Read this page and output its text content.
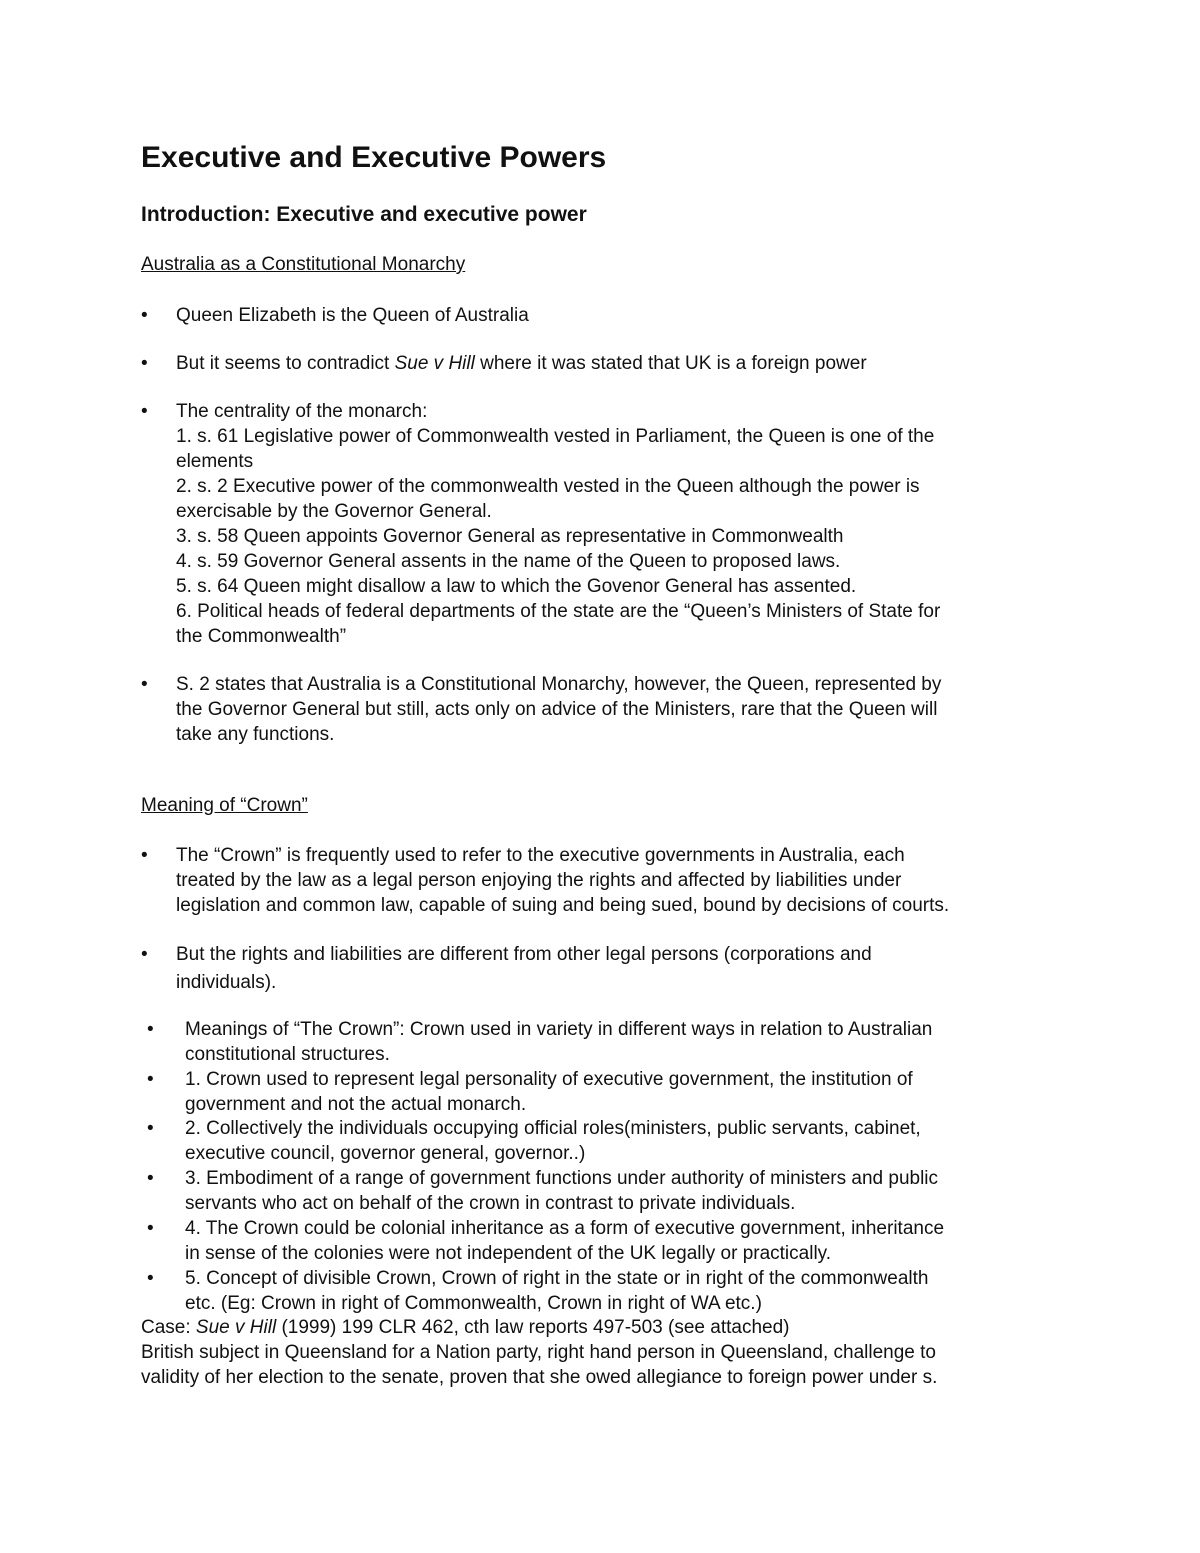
Executive and Executive Powers
Introduction: Executive and executive power
Australia as a Constitutional Monarchy
•	Queen Elizabeth is the Queen of Australia
•	But it seems to contradict Sue v Hill where it was stated that UK is a foreign power
•	The centrality of the monarch:
1. s. 61 Legislative power of Commonwealth vested in Parliament, the Queen is one of the
elements
2. s. 2 Executive power of the commonwealth vested in the Queen although the power is
exercisable by the Governor General.
3. s. 58 Queen appoints Governor General as representative in Commonwealth
4. s. 59 Governor General assents in the name of the Queen to proposed laws.
5. s. 64 Queen might disallow a law to which the Govenor General has assented.
6. Political heads of federal departments of the state are the “Queen’s Ministers of State for
the Commonwealth”
•	S. 2 states that Australia is a Constitutional Monarchy, however, the Queen, represented by
the Governor General but still, acts only on advice of the Ministers, rare that the Queen will
take any functions.
Meaning of “Crown”
•	The “Crown” is frequently used to refer to the executive governments in Australia, each
treated by the law as a legal person enjoying the rights and affected by liabilities under
legislation and common law, capable of suing and being sued, bound by decisions of courts.
•	But the rights and liabilities are different from other legal persons (corporations and
individuals).
•	Meanings of “The Crown”: Crown used in variety in different ways in relation to Australian
constitutional structures.
•	1. Crown used to represent legal personality of executive government, the institution of
government and not the actual monarch.
•	2. Collectively the individuals occupying official roles(ministers, public servants, cabinet,
executive council, governor general, governor..)
•	3. Embodiment of a range of government functions under authority of ministers and public
servants who act on behalf of the crown in contrast to private individuals.
•	4. The Crown could be colonial inheritance as a form of executive government, inheritance
in sense of the colonies were not independent of the UK legally or practically.
•	5. Concept of divisible Crown, Crown of right in the state or in right of the commonwealth
etc. (Eg: Crown in right of Commonwealth, Crown in right of WA etc.)
Case: Sue v Hill (1999) 199 CLR 462, cth law reports 497-503 (see attached)
British subject in Queensland for a Nation party, right hand person in Queensland, challenge to
validity of her election to the senate, proven that she owed allegiance to foreign power under s.
